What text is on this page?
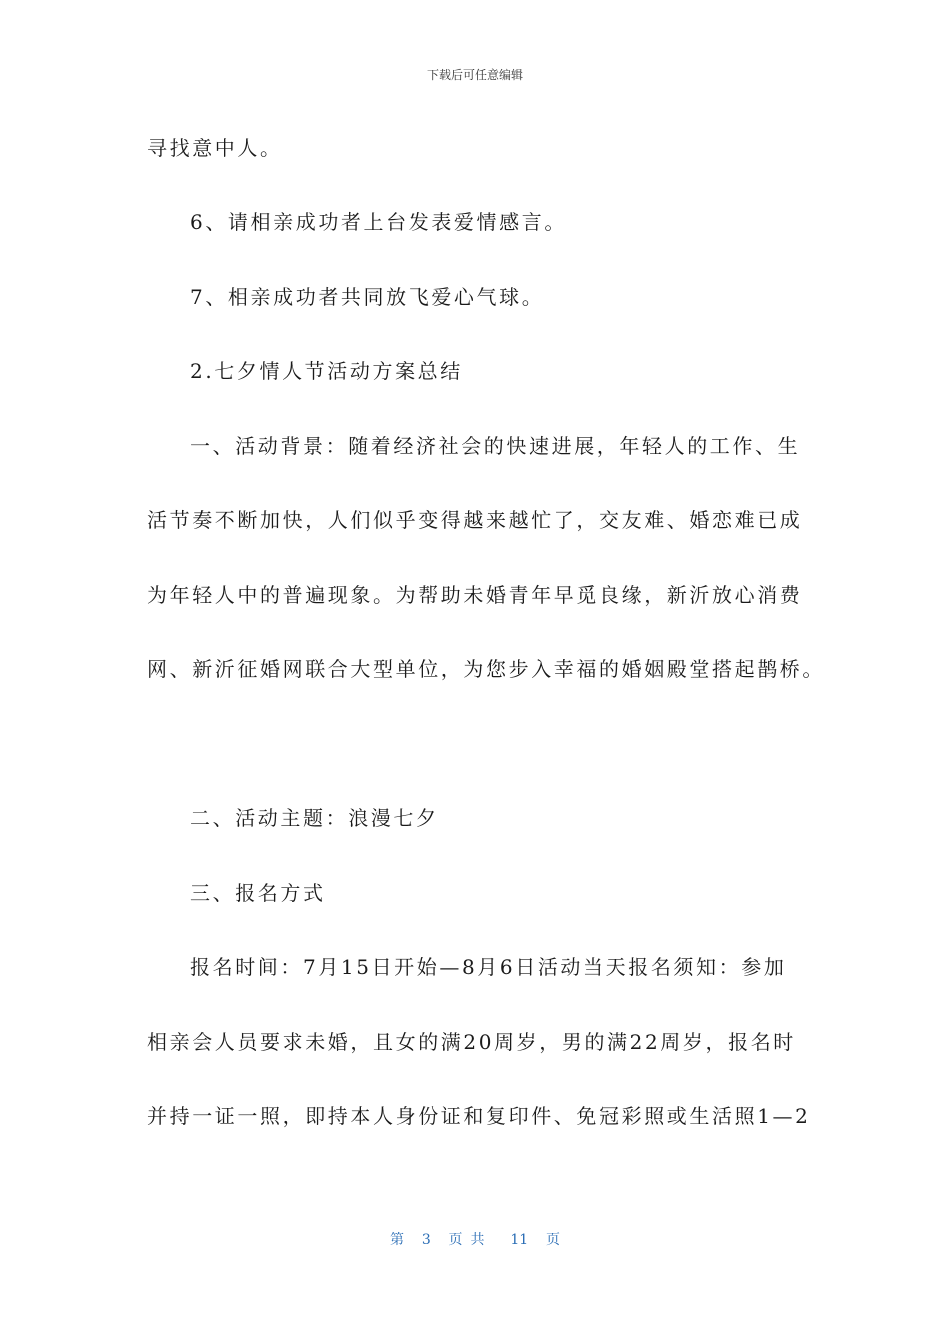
下载后可任意编辑
寻找意中人。
6、请相亲成功者上台发表爱情感言。
7、相亲成功者共同放飞爱心气球。
2.七夕情人节活动方案总结
一、活动背景：随着经济社会的快速进展，年轻人的工作、生
活节奏不断加快，人们似乎变得越来越忙了，交友难、婚恋难已成
为年轻人中的普遍现象。为帮助未婚青年早觅良缘，新沂放心消费
网、新沂征婚网联合大型单位，为您步入幸福的婚姻殿堂搭起鹊桥。
二、活动主题：浪漫七夕
三、报名方式
报名时间：7月15日开始—8月6日活动当天报名须知：参加
相亲会人员要求未婚，且女的满20周岁，男的满22周岁，报名时
并持一证一照，即持本人身份证和复印件、免冠彩照或生活照1—2
第 3 页共 11 页
